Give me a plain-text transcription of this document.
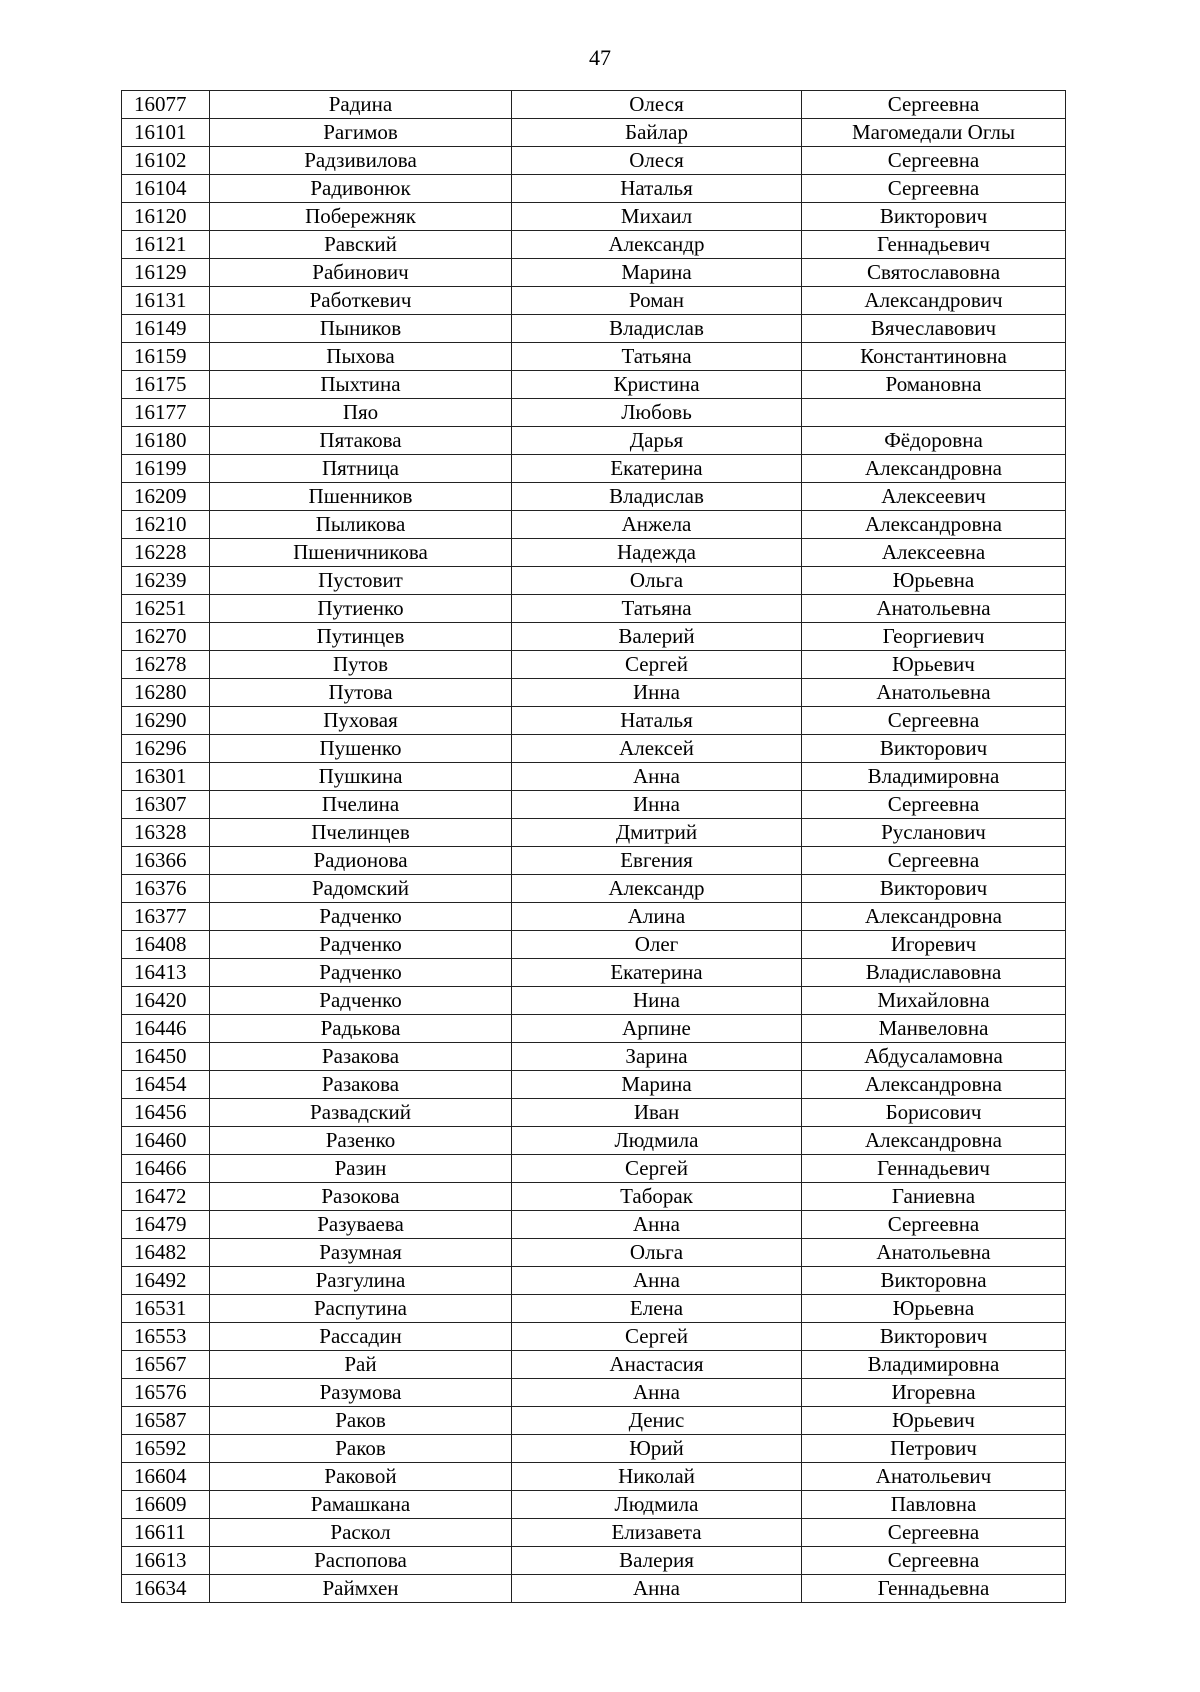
47
16077	Радина	Олеся	Сергеевна
16101	Рагимов	Байлар	Магомедали Оглы
16102	Радзивилова	Олеся	Сергеевна
16104	Радивонюк	Наталья	Сергеевна
16120	Побережняк	Михаил	Викторович
16121	Равский	Александр	Геннадьевич
16129	Рабинович	Марина	Святославовна
16131	Работкевич	Роман	Александрович
16149	Пыников	Владислав	Вячеславович
16159	Пыхова	Татьяна	Константиновна
16175	Пыхтина	Кристина	Романовна
16177	Пяо	Любовь	
16180	Пятакова	Дарья	Фёдоровна
16199	Пятница	Екатерина	Александровна
16209	Пшенников	Владислав	Алексеевич
16210	Пыликова	Анжела	Александровна
16228	Пшеничникова	Надежда	Алексеевна
16239	Пустовит	Ольга	Юрьевна
16251	Путиенко	Татьяна	Анатольевна
16270	Путинцев	Валерий	Георгиевич
16278	Путов	Сергей	Юрьевич
16280	Путова	Инна	Анатольевна
16290	Пуховая	Наталья	Сергеевна
16296	Пушенко	Алексей	Викторович
16301	Пушкина	Анна	Владимировна
16307	Пчелина	Инна	Сергеевна
16328	Пчелинцев	Дмитрий	Русланович
16366	Радионова	Евгения	Сергеевна
16376	Радомский	Александр	Викторович
16377	Радченко	Алина	Александровна
16408	Радченко	Олег	Игоревич
16413	Радченко	Екатерина	Владиславовна
16420	Радченко	Нина	Михайловна
16446	Радькова	Арпине	Манвеловна
16450	Разакова	Зарина	Абдусаламовна
16454	Разакова	Марина	Александровна
16456	Развадский	Иван	Борисович
16460	Разенко	Людмила	Александровна
16466	Разин	Сергей	Геннадьевич
16472	Разокова	Таборак	Ганиевна
16479	Разуваева	Анна	Сергеевна
16482	Разумная	Ольга	Анатольевна
16492	Разгулина	Анна	Викторовна
16531	Распутина	Елена	Юрьевна
16553	Рассадин	Сергей	Викторович
16567	Рай	Анастасия	Владимировна
16576	Разумова	Анна	Игоревна
16587	Раков	Денис	Юрьевич
16592	Раков	Юрий	Петрович
16604	Раковой	Николай	Анатольевич
16609	Рамашкана	Людмила	Павловна
16611	Раскол	Елизавета	Сергеевна
16613	Распопова	Валерия	Сергеевна
16634	Раймхен	Анна	Геннадьевна
